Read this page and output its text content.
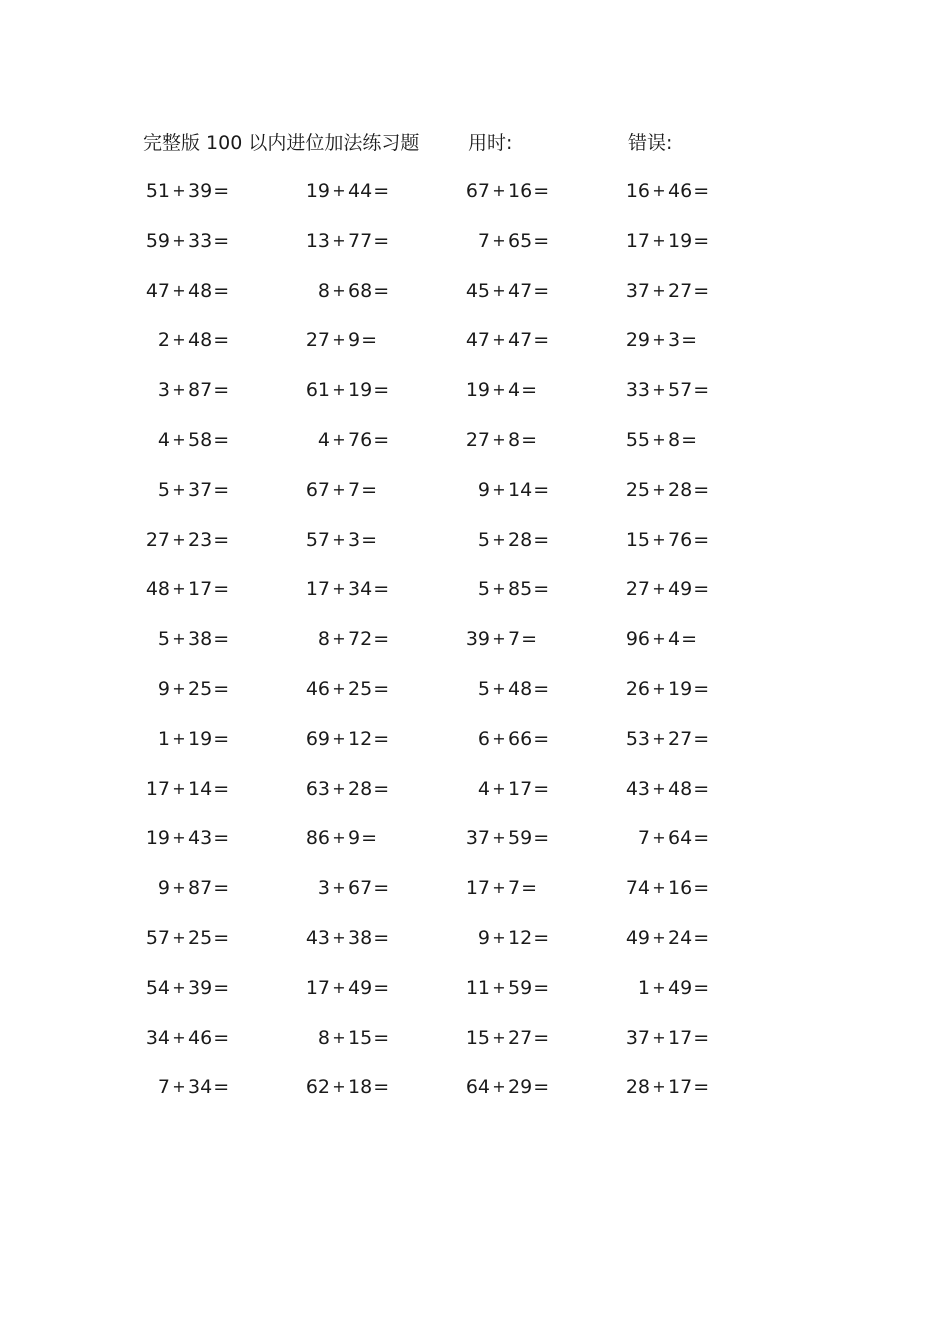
完整版 100 以内进位加法练习题	用时:	错误:
51 + 39 =	19 + 44 =	67 + 16 =	16 + 46 =
59 + 33 =	13 + 77 =	7 + 65 =	17 + 19 =
47 + 48 =	8 + 68 =	45 + 47 =	37 + 27 =
2 + 48 =	27 + 9 =	47 + 47 =	29 + 3 =
3 + 87 =	61 + 19 =	19 + 4 =	33 + 57 =
4 + 58 =	4 + 76 =	27 + 8 =	55 + 8 =
5 + 37 =	67 + 7 =	9 + 14 =	25 + 28 =
27 + 23 =	57 + 3 =	5 + 28 =	15 + 76 =
48 + 17 =	17 + 34 =	5 + 85 =	27 + 49 =
5 + 38 =	8 + 72 =	39 + 7 =	96 + 4 =
9 + 25 =	46 + 25 =	5 + 48 =	26 + 19 =
1 + 19 =	69 + 12 =	6 + 66 =	53 + 27 =
17 + 14 =	63 + 28 =	4 + 17 =	43 + 48 =
19 + 43 =	86 + 9 =	37 + 59 =	7 + 64 =
9 + 87 =	3 + 67 =	17 + 7 =	74 + 16 =
57 + 25 =	43 + 38 =	9 + 12 =	49 + 24 =
54 + 39 =	17 + 49 =	11 + 59 =	1 + 49 =
34 + 46 =	8 + 15 =	15 + 27 =	37 + 17 =
7 + 34 =	62 + 18 =	64 + 29 =	28 + 17 =
